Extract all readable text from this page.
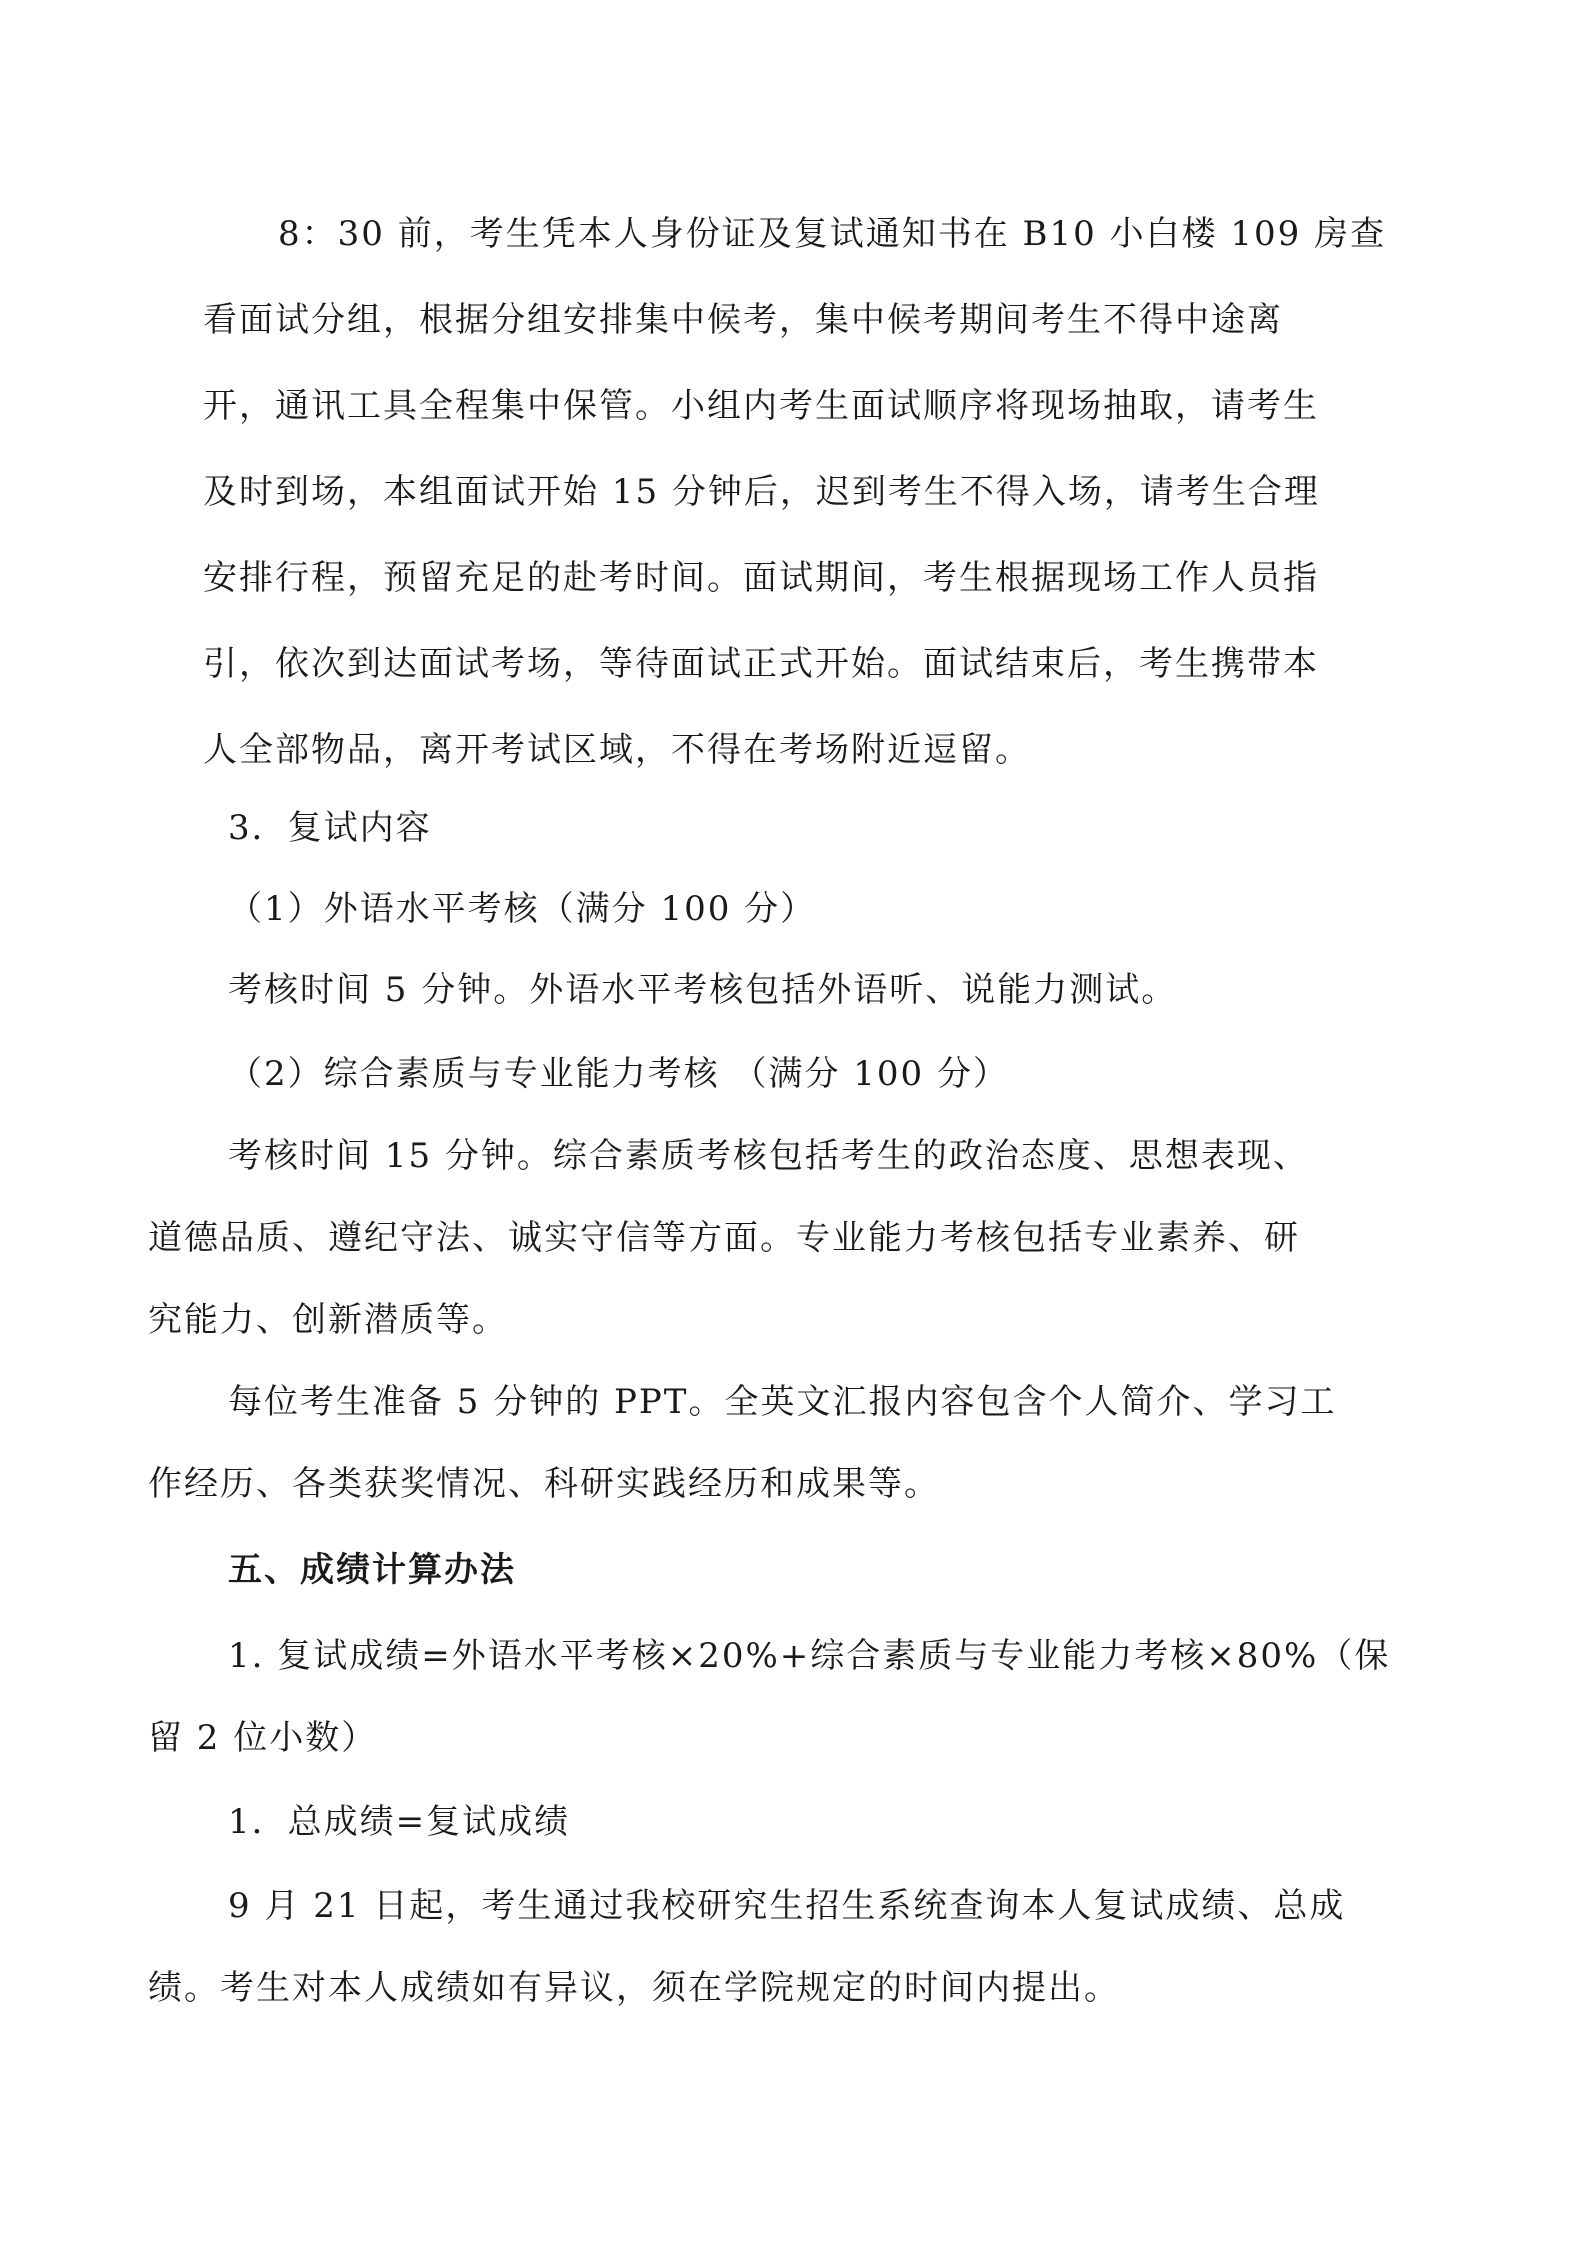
8：30 前，考生凭本人身份证及复试通知书在 B10 小白楼 109 房查
看面试分组，根据分组安排集中候考，集中候考期间考生不得中途离
开，通讯工具全程集中保管。小组内考生面试顺序将现场抽取，请考生
及时到场，本组面试开始 15 分钟后，迟到考生不得入场，请考生合理
安排行程，预留充足的赴考时间。面试期间，考生根据现场工作人员指
引，依次到达面试考场，等待面试正式开始。面试结束后，考生携带本
人全部物品，离开考试区域，不得在考场附近逗留。
3．复试内容
（1）外语水平考核（满分 100 分）
考核时间 5 分钟。外语水平考核包括外语听、说能力测试。
（2）综合素质与专业能力考核 （满分 100 分）
考核时间 15 分钟。综合素质考核包括考生的政治态度、思想表现、
道德品质、遵纪守法、诚实守信等方面。专业能力考核包括专业素养、研
究能力、创新潜质等。
每位考生准备 5 分钟的 PPT。全英文汇报内容包含个人简介、学习工
作经历、各类获奖情况、科研实践经历和成果等。
五、成绩计算办法
1. 复试成绩=外语水平考核×20%+综合素质与专业能力考核×80%（保
留 2 位小数）
1．总成绩=复试成绩
9 月 21 日起，考生通过我校研究生招生系统查询本人复试成绩、总成
绩。考生对本人成绩如有异议，须在学院规定的时间内提出。
